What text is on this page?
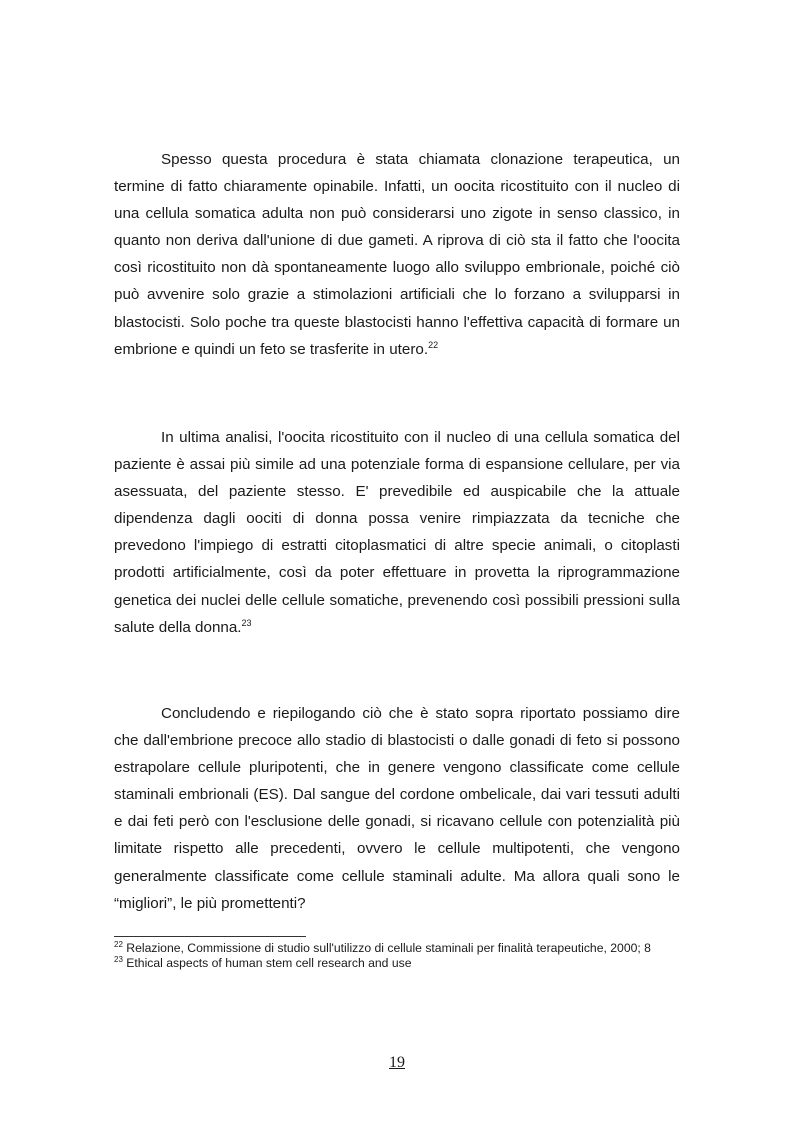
Spesso questa procedura è stata chiamata clonazione terapeutica, un termine di fatto chiaramente opinabile. Infatti, un oocita ricostituito con il nucleo di una cellula somatica adulta non può considerarsi uno zigote in senso classico, in quanto non deriva dall'unione di due gameti. A riprova di ciò sta il fatto che l'oocita così ricostituito non dà spontaneamente luogo allo sviluppo embrionale, poiché ciò può avvenire solo grazie a stimolazioni artificiali che lo forzano a svilupparsi in blastocisti. Solo poche tra queste blastocisti hanno l'effettiva capacità di formare un embrione e quindi un feto se trasferite in utero.$^{22}$

In ultima analisi, l'oocita ricostituito con il nucleo di una cellula somatica del paziente è assai più simile ad una potenziale forma di espansione cellulare, per via asessuata, del paziente stesso. E' prevedibile ed auspicabile che la attuale dipendenza dagli oociti di donna possa venire rimpiazzata da tecniche che prevedono l'impiego di estratti citoplasmatici di altre specie animali, o citoplasti prodotti artificialmente, così da poter effettuare in provetta la riprogrammazione genetica dei nuclei delle cellule somatiche, prevenendo così possibili pressioni sulla salute della donna.$^{23}$

Concludendo e riepilogando ciò che è stato sopra riportato possiamo dire che dall'embrione precoce allo stadio di blastocisti o dalle gonadi di feto si possono estrapolare cellule pluripotenti, che in genere vengono classificate come cellule staminali embrionali (ES). Dal sangue del cordone ombelicale, dai vari tessuti adulti e dai feti però con l'esclusione delle gonadi, si ricavano cellule con potenzialità più limitate rispetto alle precedenti, ovvero le cellule multipotenti, che vengono generalmente classificate come cellule staminali adulte. Ma allora quali sono le “migliori”, le più promettenti?

$^{22}$ Relazione, Commissione di studio sull'utilizzo di cellule staminali per finalità terapeutiche, 2000; 8

$^{23}$ Ethical aspects of human stem cell research and use

19
